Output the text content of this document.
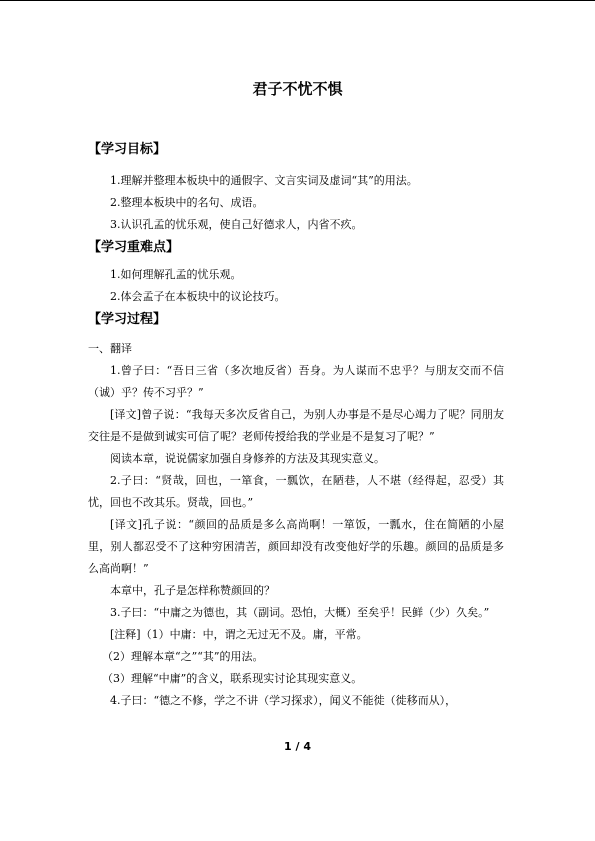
君子不忧不惧

【学习目标】

1.理解并整理本板块中的通假字、文言实词及虚词“其”的用法。

2.整理本板块中的名句、成语。

3.认识孔孟的忧乐观，使自己好德求人，内省不疚。

【学习重难点】

1.如何理解孔孟的忧乐观。

2.体会孟子在本板块中的议论技巧。

【学习过程】

一、翻译

1.曾子曰：“吾日三省（多次地反省）吾身。为人谋而不忠乎？与朋友交而不信（诚）乎？传不习乎？”

[译文]曾子说：“我每天多次反省自己，为别人办事是不是尽心竭力了呢？同朋友交往是不是做到诚实可信了呢？老师传授给我的学业是不是复习了呢？”

阅读本章，说说儒家加强自身修养的方法及其现实意义。

2.子曰：“贤哉，回也，一箪食，一瓢饮，在陋巷，人不堪（经得起，忍受）其忧，回也不改其乐。贤哉，回也。”

[译文]孔子说：“颜回的品质是多么高尚啊！一箪饭，一瓢水，住在简陋的小屋里，别人都忍受不了这种穷困清苦，颜回却没有改变他好学的乐趣。颜回的品质是多么高尚啊！”

本章中，孔子是怎样称赞颜回的？

3.子曰：“中庸之为德也，其（副词。恐怕，大概）至矣乎！民鲜（少）久矣。”

[注释]（1）中庸：中，谓之无过无不及。庸，平常。

（2）理解本章“之”“其”的用法。

（3）理解“中庸”的含义，联系现实讨论其现实意义。

4.子曰：“德之不修，学之不讲（学习探求），闻义不能徙（徙移而从），

1 / 4
